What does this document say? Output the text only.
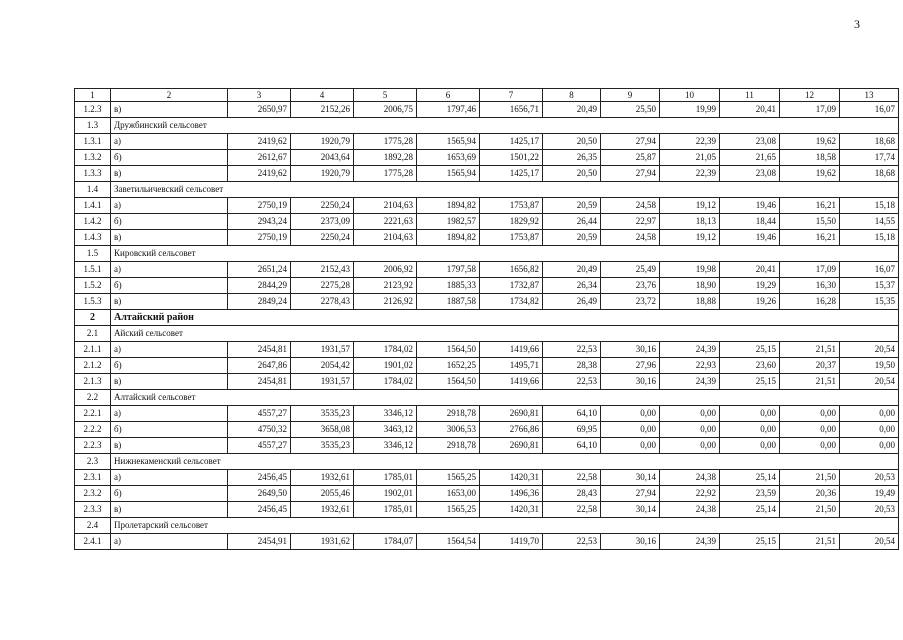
3
1	2	3	4	5	6	7	8	9	10	11	12	13
1.2.3	в)	2650,97	2152,26	2006,75	1797,46	1656,71	20,49	25,50	19,99	20,41	17,09	16,07
1.3	Дружбинский сельсовет											
1.3.1	а)	2419,62	1920,79	1775,28	1565,94	1425,17	20,50	27,94	22,39	23,08	19,62	18,68
1.3.2	б)	2612,67	2043,64	1892,28	1653,69	1501,22	26,35	25,87	21,05	21,65	18,58	17,74
1.3.3	в)	2419,62	1920,79	1775,28	1565,94	1425,17	20,50	27,94	22,39	23,08	19,62	18,68
1.4	Заветильичевский сельсовет											
1.4.1	а)	2750,19	2250,24	2104,63	1894,82	1753,87	20,59	24,58	19,12	19,46	16,21	15,18
1.4.2	б)	2943,24	2373,09	2221,63	1982,57	1829,92	26,44	22,97	18,13	18,44	15,50	14,55
1.4.3	в)	2750,19	2250,24	2104,63	1894,82	1753,87	20,59	24,58	19,12	19,46	16,21	15,18
1.5	Кировский сельсовет											
1.5.1	а)	2651,24	2152,43	2006,92	1797,58	1656,82	20,49	25,49	19,98	20,41	17,09	16,07
1.5.2	б)	2844,29	2275,28	2123,92	1885,33	1732,87	26,34	23,76	18,90	19,29	16,30	15,37
1.5.3	в)	2849,24	2278,43	2126,92	1887,58	1734,82	26,49	23,72	18,88	19,26	16,28	15,35
2	Алтайский район											
2.1	Айский сельсовет											
2.1.1	а)	2454,81	1931,57	1784,02	1564,50	1419,66	22,53	30,16	24,39	25,15	21,51	20,54
2.1.2	б)	2647,86	2054,42	1901,02	1652,25	1495,71	28,38	27,96	22,93	23,60	20,37	19,50
2.1.3	в)	2454,81	1931,57	1784,02	1564,50	1419,66	22,53	30,16	24,39	25,15	21,51	20,54
2.2	Алтайский сельсовет											
2.2.1	а)	4557,27	3535,23	3346,12	2918,78	2690,81	64,10	0,00	0,00	0,00	0,00	0,00
2.2.2	б)	4750,32	3658,08	3463,12	3006,53	2766,86	69,95	0,00	0,00	0,00	0,00	0,00
2.2.3	в)	4557,27	3535,23	3346,12	2918,78	2690,81	64,10	0,00	0,00	0,00	0,00	0,00
2.3	Нижнекаменский сельсовет											
2.3.1	а)	2456,45	1932,61	1785,01	1565,25	1420,31	22,58	30,14	24,38	25,14	21,50	20,53
2.3.2	б)	2649,50	2055,46	1902,01	1653,00	1496,36	28,43	27,94	22,92	23,59	20,36	19,49
2.3.3	в)	2456,45	1932,61	1785,01	1565,25	1420,31	22,58	30,14	24,38	25,14	21,50	20,53
2.4	Пролетарский сельсовет											
2.4.1	а)	2454,91	1931,62	1784,07	1564,54	1419,70	22,53	30,16	24,39	25,15	21,51	20,54
